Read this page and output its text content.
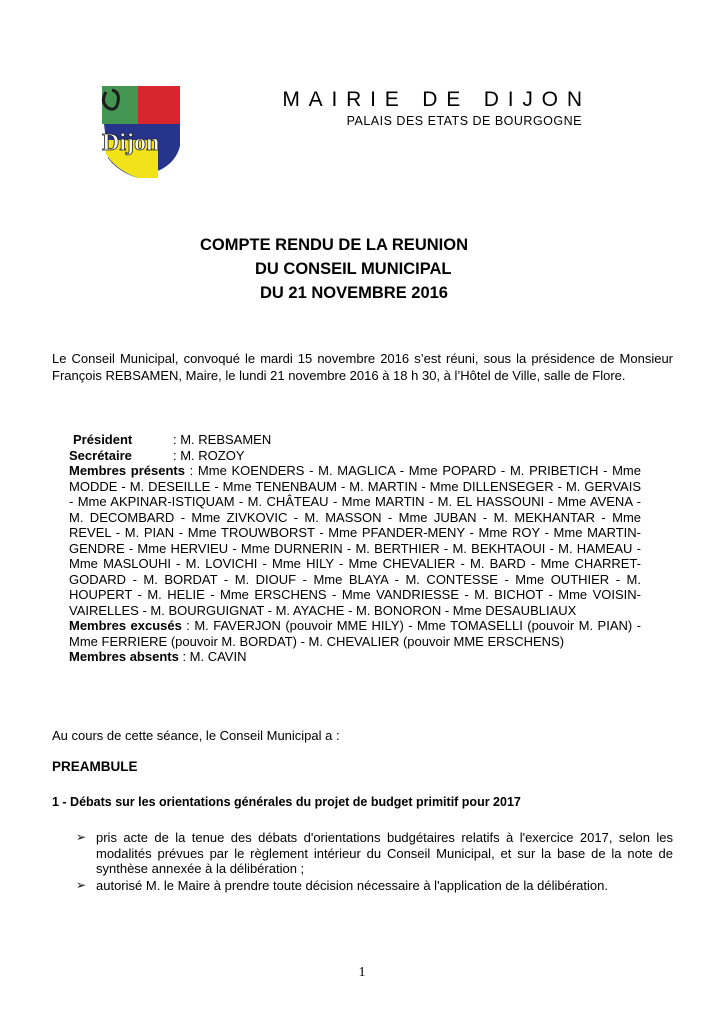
Dijon
MAIRIE DE DIJON
PALAIS DES ETATS DE BOURGOGNE
COMPTE RENDU DE LA REUNION
DU CONSEIL MUNICIPAL
DU 21 NOVEMBRE 2016
Le Conseil Municipal, convoqué le mardi 15 novembre 2016 s’est réuni, sous la présidence de Monsieur François REBSAMEN, Maire, le lundi 21 novembre 2016 à 18 h 30, à l’Hôtel de Ville, salle de Flore.
Président	: M. REBSAMEN
Secrétaire	: M. ROZOY

Membres présents : Mme KOENDERS - M. MAGLICA - Mme POPARD - M. PRIBETICH - Mme MODDE - M. DESEILLE - Mme TENENBAUM - M. MARTIN - Mme DILLENSEGER - M. GERVAIS - Mme AKPINAR-ISTIQUAM - M. CHÂTEAU - Mme MARTIN - M. EL HASSOUNI - Mme AVENA - M. DECOMBARD - Mme ZIVKOVIC - M. MASSON - Mme JUBAN - M. MEKHANTAR - Mme REVEL - M. PIAN - Mme TROUWBORST - Mme PFANDER-MENY - Mme ROY - Mme MARTIN-GENDRE - Mme HERVIEU - Mme DURNERIN - M. BERTHIER - M. BEKHTAOUI - M. HAMEAU - Mme MASLOUHI - M. LOVICHI - Mme HILY - Mme CHEVALIER - M. BARD - Mme CHARRET-GODARD - M. BORDAT - M. DIOUF - Mme BLAYA - M. CONTESSE - Mme OUTHIER - M. HOUPERT - M. HELIE - Mme ERSCHENS - Mme VANDRIESSE - M. BICHOT - Mme VOISIN-VAIRELLES - M. BOURGUIGNAT - M. AYACHE - M. BONORON - Mme DESAUBLIAUX

Membres excusés : M. FAVERJON (pouvoir MME HILY) - Mme TOMASELLI (pouvoir M. PIAN) - Mme FERRIERE (pouvoir M. BORDAT) - M. CHEVALIER (pouvoir MME ERSCHENS)

Membres absents : M. CAVIN

Au cours de cette séance, le Conseil Municipal a :
PREAMBULE
1 - Débats sur les orientations générales du projet de budget primitif pour 2017
➢ pris acte de la tenue des débats d'orientations budgétaires relatifs à l'exercice 2017, selon les modalités prévues par le règlement intérieur du Conseil Municipal, et sur la base de la note de synthèse annexée à la délibération ;
➢ autorisé M. le Maire à prendre toute décision nécessaire à l'application de la délibération.
1
